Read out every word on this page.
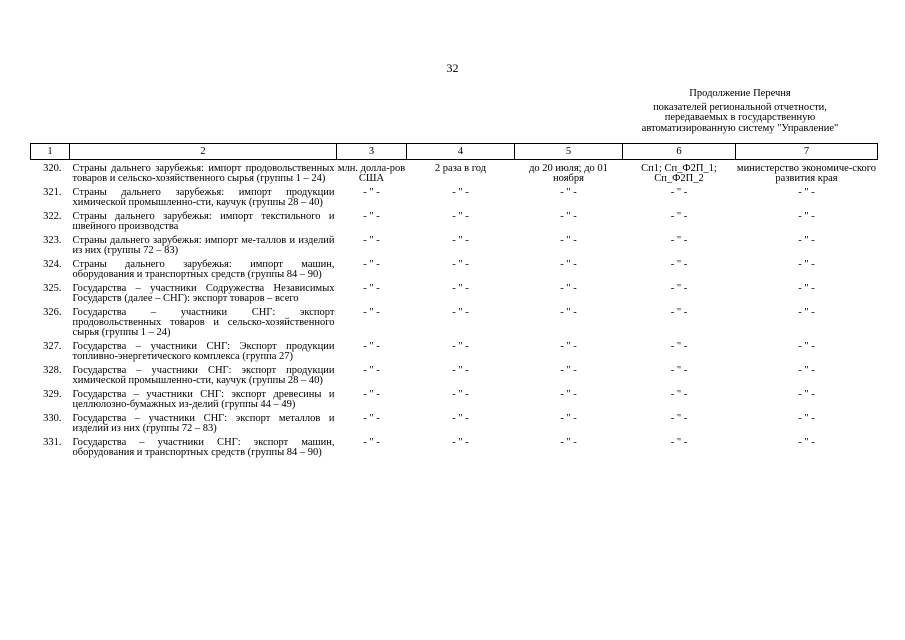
32
Продолжение Перечня
показателей региональной отчетности,
передаваемых в государственную
автоматизированную систему "Управление"
1	2	3	4	5	6	7
320.	Страны дальнего зарубежья: импорт продовольственных товаров и сельско-хозяйственного сырья (группы 1 – 24)	млн. долла-ров США	2 раза в год	до 20 июля; до 01 ноября	Сп1; Сп_Ф2П_1; Сп_Ф2П_2	министерство экономиче-ского развития края
321.	Страны дальнего зарубежья: импорт продукции химической промышленно-сти, каучук (группы 28 – 40)	- " -	- " -	- " -	- " -	- " -
322.	Страны дальнего зарубежья: импорт текстильного и швейного производства	- " -	- " -	- " -	- " -	- " -
323.	Страны дальнего зарубежья: импорт ме-таллов и изделий из них (группы 72 – 83)	- " -	- " -	- " -	- " -	- " -
324.	Страны дальнего зарубежья: импорт машин, оборудования и транспортных средств (группы 84 – 90)	- " -	- " -	- " -	- " -	- " -
325.	Государства – участники Содружества Независимых Государств (далее – СНГ): экспорт товаров – всего	- " -	- " -	- " -	- " -	- " -
326.	Государства – участники СНГ: экспорт продовольственных товаров и сельско-хозяйственного сырья (группы 1 – 24)	- " -	- " -	- " -	- " -	- " -
327.	Государства – участники СНГ: Экспорт продукции топливно-энергетического комплекса (группа 27)	- " -	- " -	- " -	- " -	- " -
328.	Государства – участники СНГ: экспорт продукции химической промышленно-сти, каучук (группы 28 – 40)	- " -	- " -	- " -	- " -	- " -
329.	Государства – участники СНГ: экспорт древесины и целлюлозно-бумажных из-делий (группы 44 – 49)	- " -	- " -	- " -	- " -	- " -
330.	Государства – участники СНГ: экспорт металлов и изделий из них (группы 72 – 83)	- " -	- " -	- " -	- " -	- " -
331.	Государства – участники СНГ: экспорт машин, оборудования и транспортных средств (группы 84 – 90)	- " -	- " -	- " -	- " -	- " -
